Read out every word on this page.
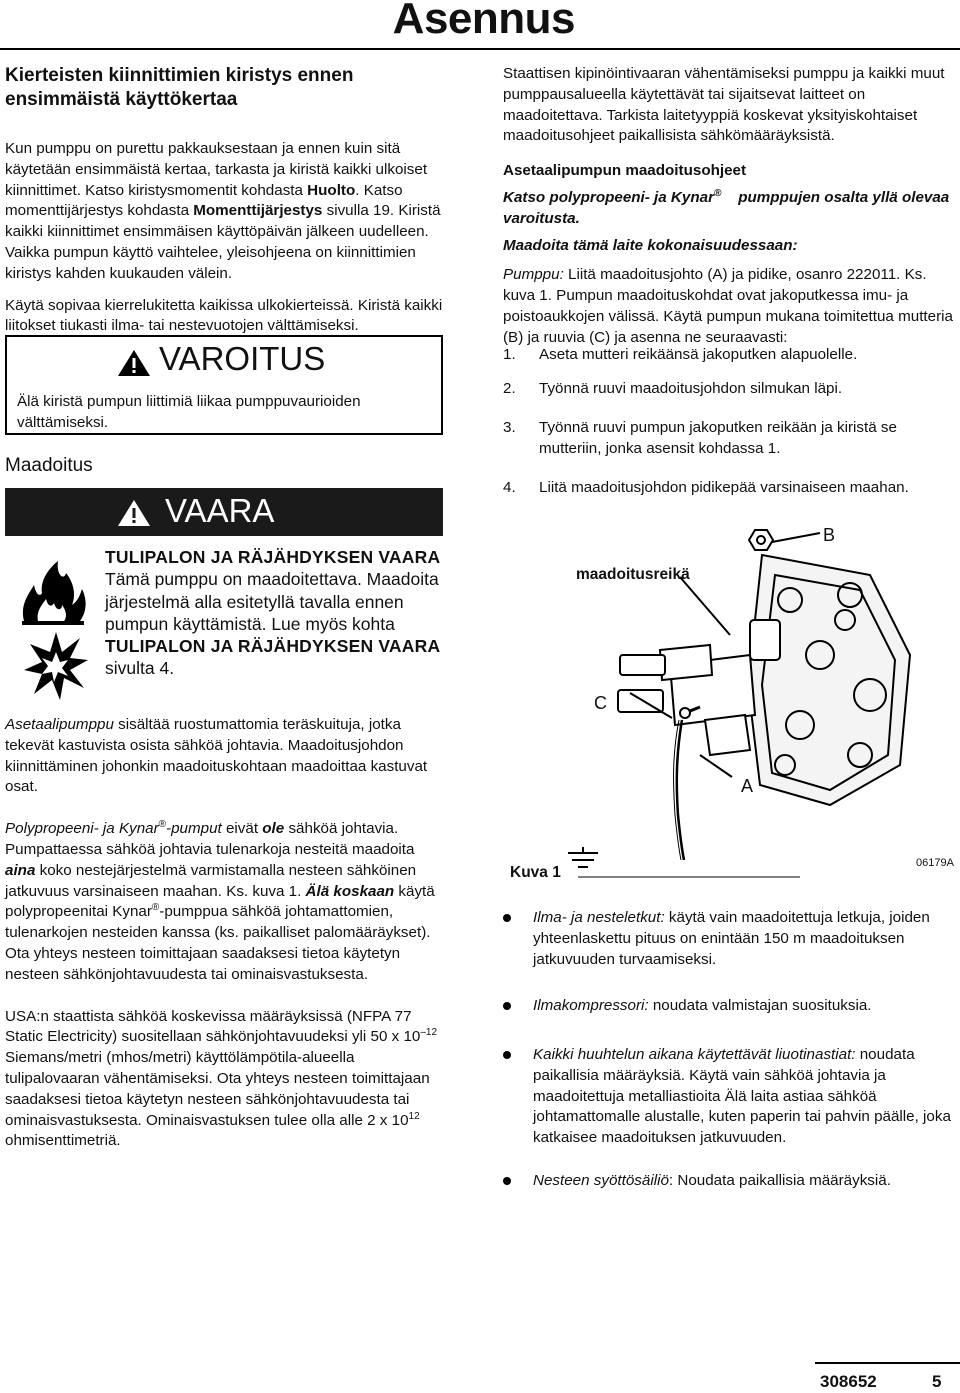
Asennus
Kierteisten kiinnittimien kiristys ennen ensimmäistä käyttökertaa

Kun pumppu on purettu pakkauksestaan ja ennen kuin sitä käytetään ensimmäistä kertaa, tarkasta ja kiristä kaikki ulkoiset kiinnittimet. Katso kiristysmomentit kohdasta Huolto. Katso momenttijärjestys kohdasta Momenttijärjestys sivulla 19. Kiristä kaikki kiinnittimet ensimmäisen käyttöpäivän jälkeen uudelleen. Vaikka pumpun käyttö vaihtelee, yleisohjeena on kiinnittimien kiristys kahden kuukauden välein.

Käytä sopivaa kierrelukitetta kaikissa ulkokierteissä. Kiristä kaikki liitokset tiukasti ilma- tai nestevuotojen välttämiseksi.

VAROITUS
Älä kiristä pumpun liittimiä liikaa pumppuvaurioiden välttämiseksi.
Maadoitus
VAARA
TULIPALON JA RÄJÄHDYKSEN VAARA
Tämä pumppu on maadoitettava. Maadoita järjestelmä alla esitetyllä tavalla ennen pumpun käyttämistä. Lue myös kohta TULIPALON JA RÄJÄHDYKSEN VAARA sivulta 4.

Asetaalipumppu sisältää ruostumattomia teräskuituja, jotka tekevät kastuvista osista sähköä johtavia. Maadoitusjohdon kiinnittäminen johonkin maadoituskohtaan maadoittaa kastuvat osat.

Polypropeeni- ja Kynar®-pumput eivät ole sähköä johtavia. Pumpattaessa sähköä johtavia tulenarkoja nesteitä maadoita aina koko nestejärjestelmä varmistamalla nesteen sähköinen jatkuvuus varsinaiseen maahan. Ks. kuva 1. Älä koskaan käytä polypropeenitai Kynar®-pumppua sähköä johtamattomien, tulenarkojen nesteiden kanssa (ks. paikalliset palomääräykset). Ota yhteys nesteen toimittajaan saadaksesi tietoa käytetyn nesteen sähkönjohtavuudesta tai ominaisvastuksesta.

USA:n staattista sähköä koskevissa määräyksissä (NFPA 77 Static Electricity) suositellaan sähkönjohtavuudeksi yli 50 x $10^{-12}$ Siemans/metri (mhos/metri) käyttölämpötila-alueella tulipalovaaran vähentämiseksi. Ota yhteys nesteen toimittajaan saadaksesi tietoa käytetyn nesteen sähkönjohtavuudesta tai ominaisvastuksesta. Ominaisvastuksen tulee olla alle 2 x $10^{12}$ ohmisenttimetriä.

Staattisen kipinöintivaaran vähentämiseksi pumppu ja kaikki muut pumppausalueella käytettävät tai sijaitsevat laitteet on maadoitettava. Tarkista laitetyyppiä koskevat yksityiskohtaiset maadoitusohjeet paikallisista sähkömääräyksistä.

Asetaalipumpun maadoitusohjeet

Katso polypropeeni- ja Kynar® pumppujen osalta yllä olevaa varoitusta.

Maadoita tämä laite kokonaisuudessaan:

Pumppu: Liitä maadoitusjohto (A) ja pidike, osanro 222011. Ks. kuva 1. Pumpun maadoituskohdat ovat jakoputkessa imu- ja poistoaukkojen välissä. Käytä pumpun mukana toimitettua mutteria (B) ja ruuvia (C) ja asenna ne seuraavasti:

1. Aseta mutteri reikäänsä jakoputken alapuolelle.
2. Työnnä ruuvi maadoitusjohdon silmukan läpi.
3. Työnnä ruuvi pumpun jakoputken reikään ja kiristä se mutteriin, jonka asensit kohdassa 1.
4. Liitä maadoitusjohdon pidikepää varsinaiseen maahan.
B
maadoitusreikä
C
A
Kuva 1
06179A
Ilma- ja nesteletkut: käytä vain maadoitettuja letkuja, joiden yhteenlaskettu pituus on enintään 150 m maadoituksen jatkuvuuden turvaamiseksi.
Ilmakompressori: noudata valmistajan suosituksia.
Kaikki huuhtelun aikana käytettävät liuotinastiat: noudata paikallisia määräyksiä. Käytä vain sähköä johtavia ja maadoitettuja metalliastioita Älä laita astiaa sähköä johtamattomalle alustalle, kuten paperin tai pahvin päälle, joka katkaisee maadoituksen jatkuvuuden.
Nesteen syöttösäiliö: Noudata paikallisia määräyksiä.
308652	5
